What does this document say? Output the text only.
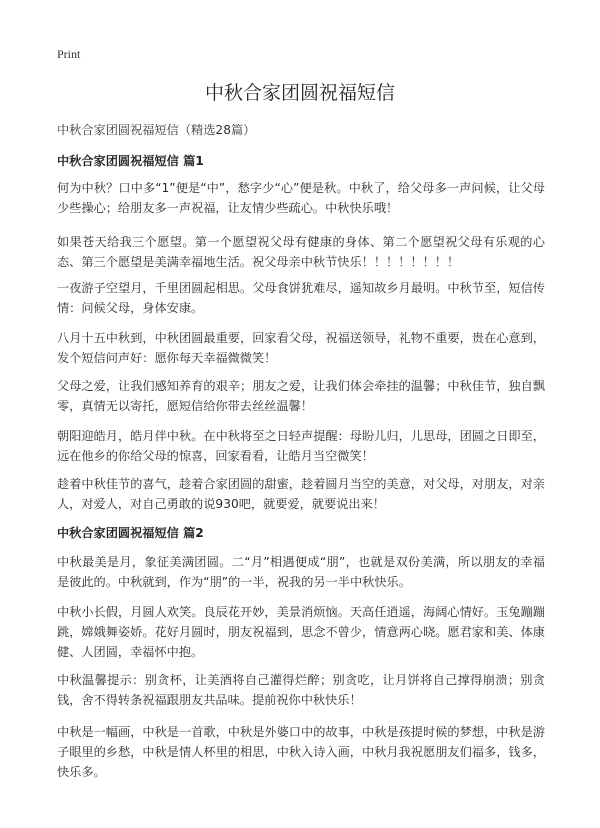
Print
中秋合家团圆祝福短信

中秋合家团圆祝福短信（精选28篇）

中秋合家团圆祝福短信 篇1

何为中秋？口中多“1”便是“中”，愁字少“心”便是秋。中秋了，给父母多一声问候，让父母少些操心；给朋友多一声祝福，让友情少些疏心。中秋快乐哦！

如果苍天给我三个愿望。第一个愿望祝父母有健康的身体、第二个愿望祝父母有乐观的心态、第三个愿望是美满幸福地生活。祝父母亲中秋节快乐！！！！！！！！

一夜游子空望月，千里团圆起相思。父母食饼犹难尽，遥知故乡月最明。中秋节至，短信传情：问候父母，身体安康。

八月十五中秋到，中秋团圆最重要，回家看父母，祝福送领导，礼物不重要，贵在心意到，发个短信问声好：愿你每天幸福微微笑！

父母之爱，让我们感知养育的艰辛；朋友之爱，让我们体会牵挂的温馨；中秋佳节，独自飘零，真情无以寄托，愿短信给你带去丝丝温馨！

朝阳迎皓月，皓月伴中秋。在中秋将至之日轻声提醒：母盼儿归，儿思母，团圆之日即至，远在他乡的你给父母的惊喜，回家看看，让皓月当空微笑！

趁着中秋佳节的喜气，趁着合家团圆的甜蜜，趁着圆月当空的美意，对父母，对朋友，对亲人，对爱人，对自己勇敢的说930吧，就要爱，就要说出来！

中秋合家团圆祝福短信 篇2

中秋最美是月，象征美满团圆。二“月”相遇便成“朋”，也就是双份美满，所以朋友的幸福是彼此的。中秋就到，作为“朋”的一半，祝我的另一半中秋快乐。

中秋小长假，月圆人欢笑。良辰花开妙，美景消烦恼。天高任逍遥，海阔心情好。玉兔蹦蹦跳，嫦娥舞姿娇。花好月圆时，朋友祝福到，思念不曾少，情意两心晓。愿君家和美、体康健、人团圆，幸福怀中抱。

中秋温馨提示：别贪杯，让美酒将自己灌得烂醉；别贪吃，让月饼将自己撑得崩溃；别贪钱，舍不得转条祝福跟朋友共品味。提前祝你中秋快乐！

中秋是一幅画，中秋是一首歌，中秋是外婆口中的故事，中秋是孩提时候的梦想，中秋是游子眼里的乡愁，中秋是情人杯里的相思，中秋入诗入画，中秋月我祝愿朋友们福多，钱多，快乐多。
